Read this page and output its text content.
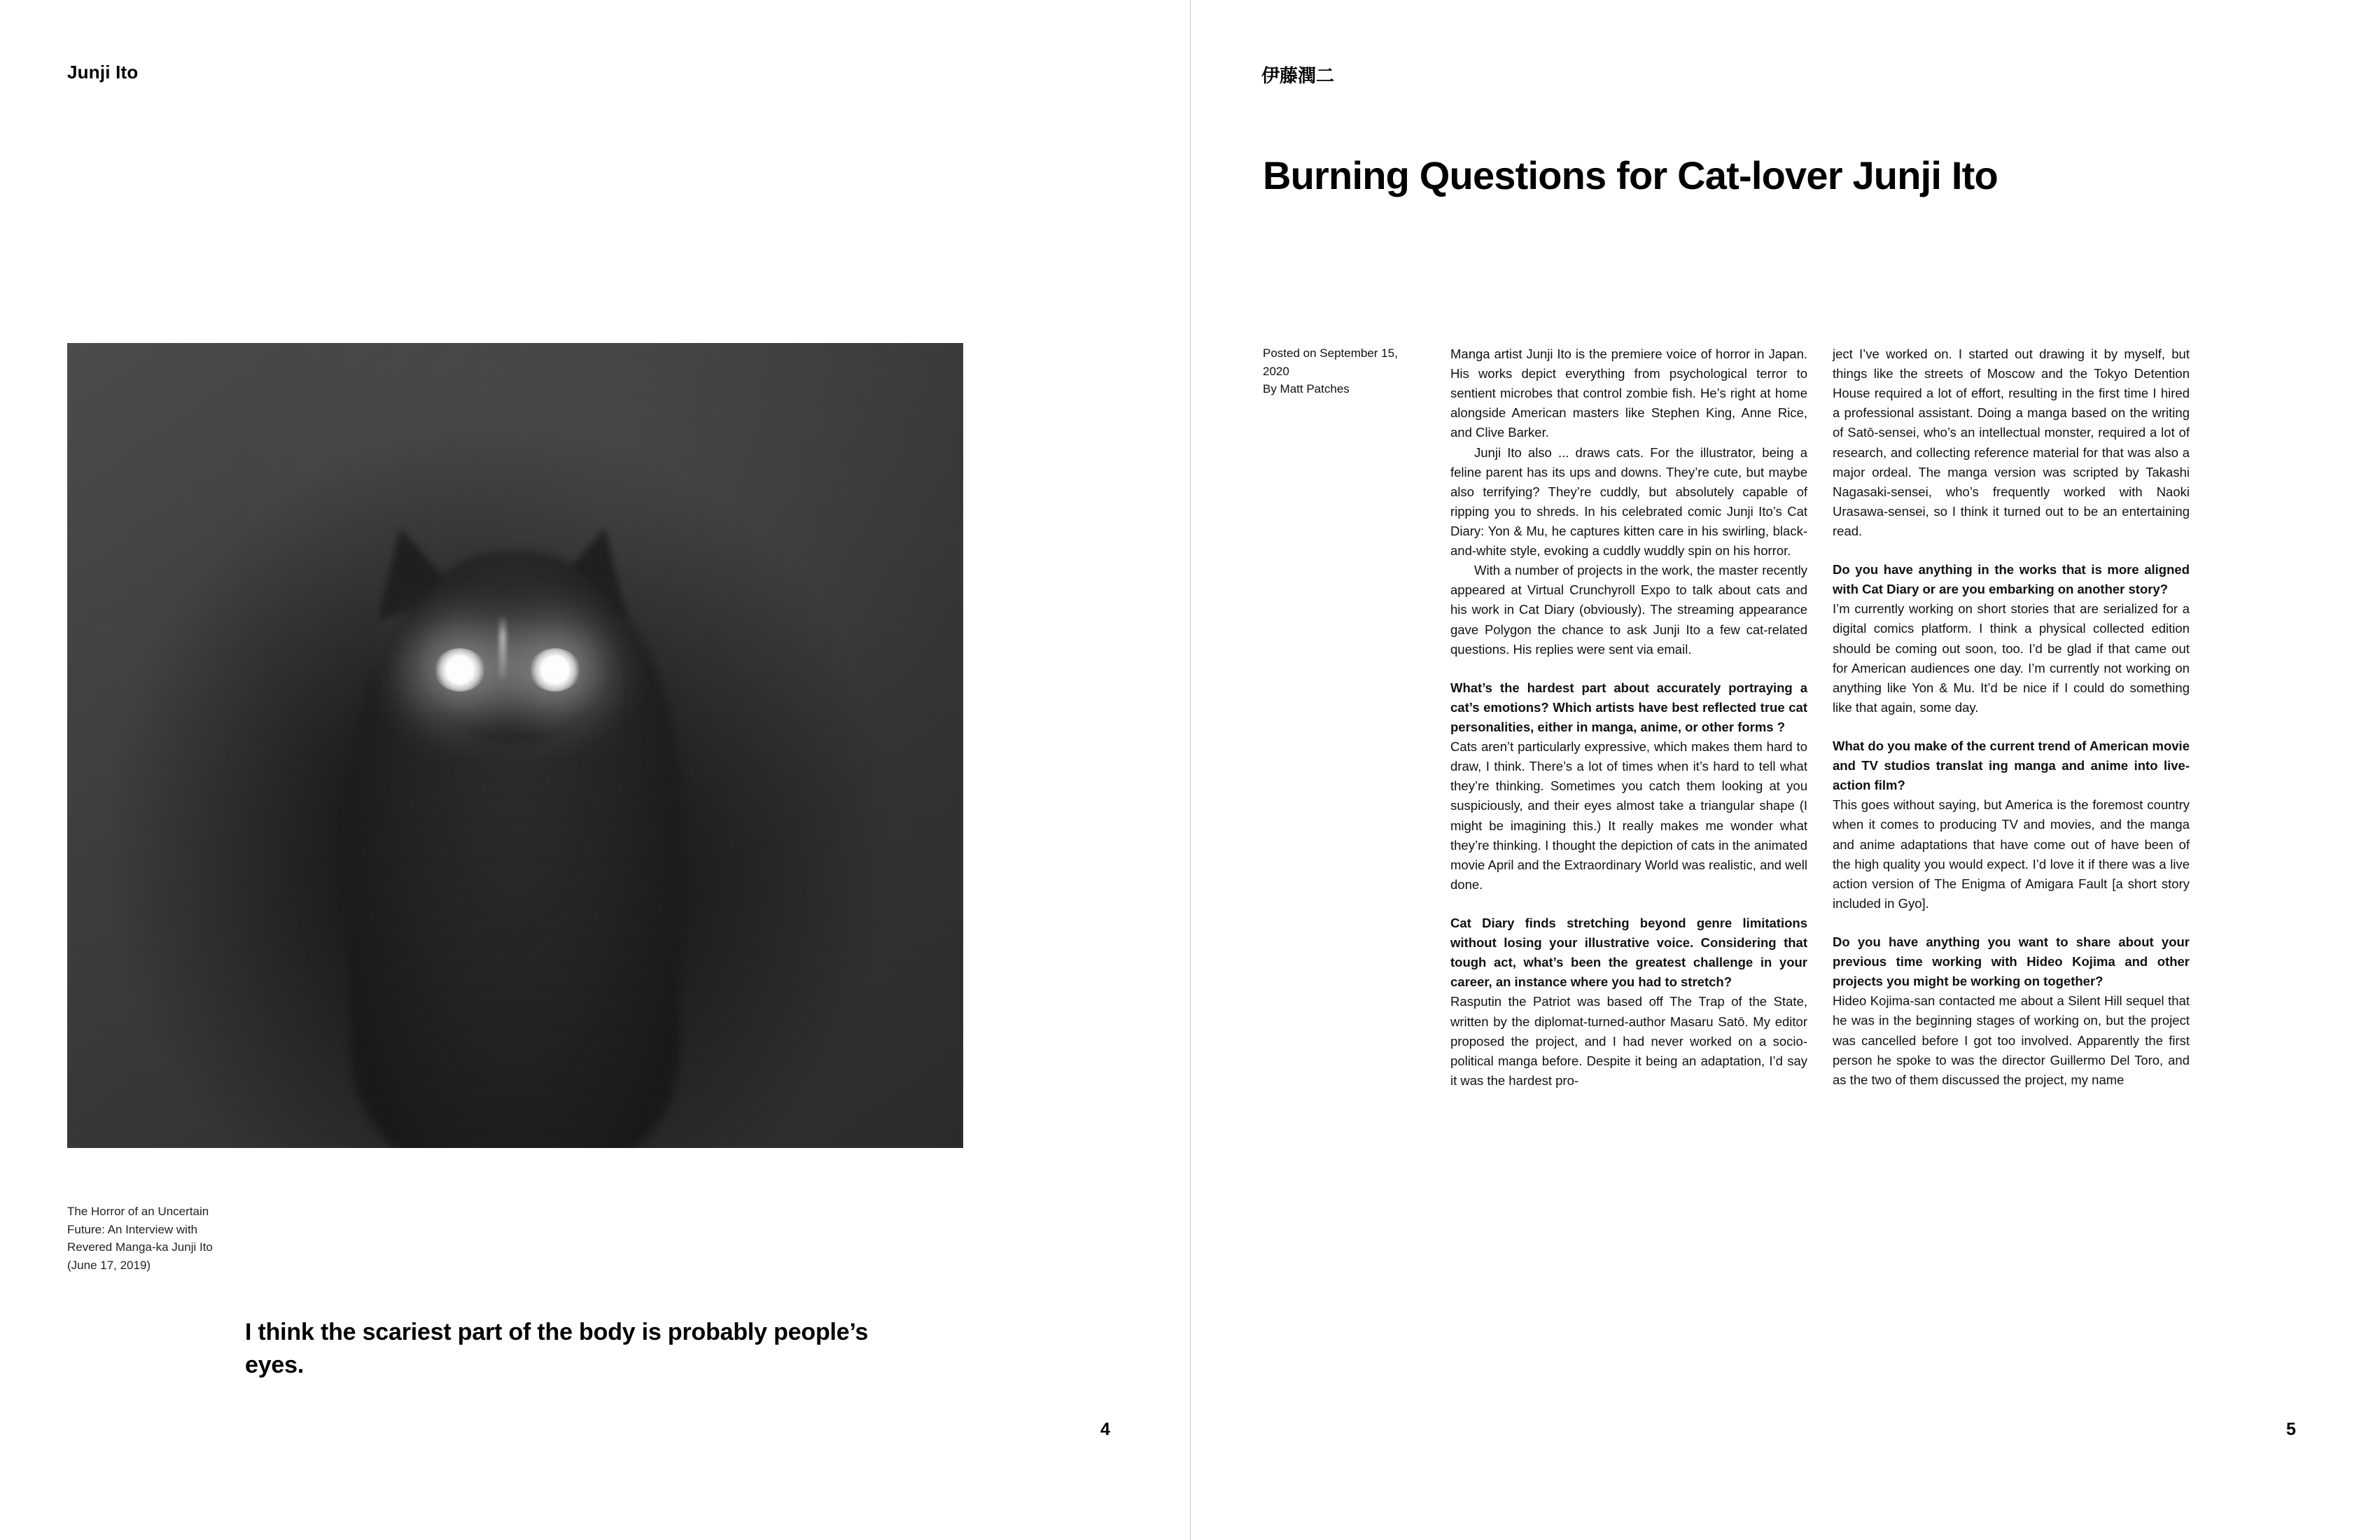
Junji Ito
The Horror of an Uncertain Future: An Interview with Revered Manga-ka Junji Ito (June 17, 2019)
I think the scariest part of the body is probably people’s eyes.
4
伊藤潤二
Burning Questions for Cat-lover Junji Ito
Posted on September 15, 2020
By Matt Patches

Manga artist Junji Ito is the premiere voice of horror in Japan. His works depict everything from psychological terror to sentient microbes that control zombie fish. He’s right at home alongside American masters like Stephen King, Anne Rice, and Clive Barker.

Junji Ito also ... draws cats. For the illustrator, being a feline parent has its ups and downs. They’re cute, but maybe also terrifying? They’re cuddly, but absolutely capable of ripping you to shreds. In his celebrated comic Junji Ito’s Cat Diary: Yon & Mu, he captures kitten care in his swirling, black-and-white style, evoking a cuddly wuddly spin on his horror.

With a number of projects in the work, the master recently appeared at Virtual Crunchyroll Expo to talk about cats and his work in Cat Diary (obviously). The streaming appearance gave Polygon the chance to ask Junji Ito a few cat-related questions. His replies were sent via email.

What’s the hardest part about accurately portraying a cat’s emotions? Which artists have best reflected true cat personalities, either in manga, anime, or other forms ?

Cats aren’t particularly expressive, which makes them hard to draw, I think. There’s a lot of times when it’s hard to tell what they’re thinking. Sometimes you catch them looking at you suspiciously, and their eyes almost take a triangular shape (I might be imagining this.) It really makes me wonder what they’re thinking. I thought the depiction of cats in the animated movie April and the Extraordinary World was realistic, and well done.

Cat Diary finds stretching beyond genre limitations without losing your illustrative voice. Considering that tough act, what’s been the greatest challenge in your career, an instance where you had to stretch?

Rasputin the Patriot was based off The Trap of the State, written by the diplomat-turned-author Masaru Satō. My editor proposed the project, and I had never worked on a socio-political manga before. Despite it being an adaptation, I’d say it was the hardest pro-

ject I’ve worked on. I started out drawing it by myself, but things like the streets of Moscow and the Tokyo Detention House required a lot of effort, resulting in the first time I hired a professional assistant. Doing a manga based on the writing of Satō-sensei, who’s an intellectual monster, required a lot of research, and collecting reference material for that was also a major ordeal. The manga version was scripted by Takashi Nagasaki-sensei, who’s frequently worked with Naoki Urasawa-sensei, so I think it turned out to be an entertaining read.

Do you have anything in the works that is more aligned with Cat Diary or are you embarking on another story?

I’m currently working on short stories that are serialized for a digital comics platform. I think a physical collected edition should be coming out soon, too. I’d be glad if that came out for American audiences one day. I’m currently not working on anything like Yon & Mu. It’d be nice if I could do something like that again, some day.

What do you make of the current trend of American movie and TV studios translat ing manga and anime into live-action film?

This goes without saying, but America is the foremost country when it comes to producing TV and movies, and the manga and anime adaptations that have come out of have been of the high quality you would expect. I’d love it if there was a live action version of The Enigma of Amigara Fault [a short story included in Gyo].

Do you have anything you want to share about your previous time working with Hideo Kojima and other projects you might be working on together?

Hideo Kojima-san contacted me about a Silent Hill sequel that he was in the beginning stages of working on, but the project was cancelled before I got too involved. Apparently the first person he spoke to was the director Guillermo Del Toro, and as the two of them discussed the project, my name

5
